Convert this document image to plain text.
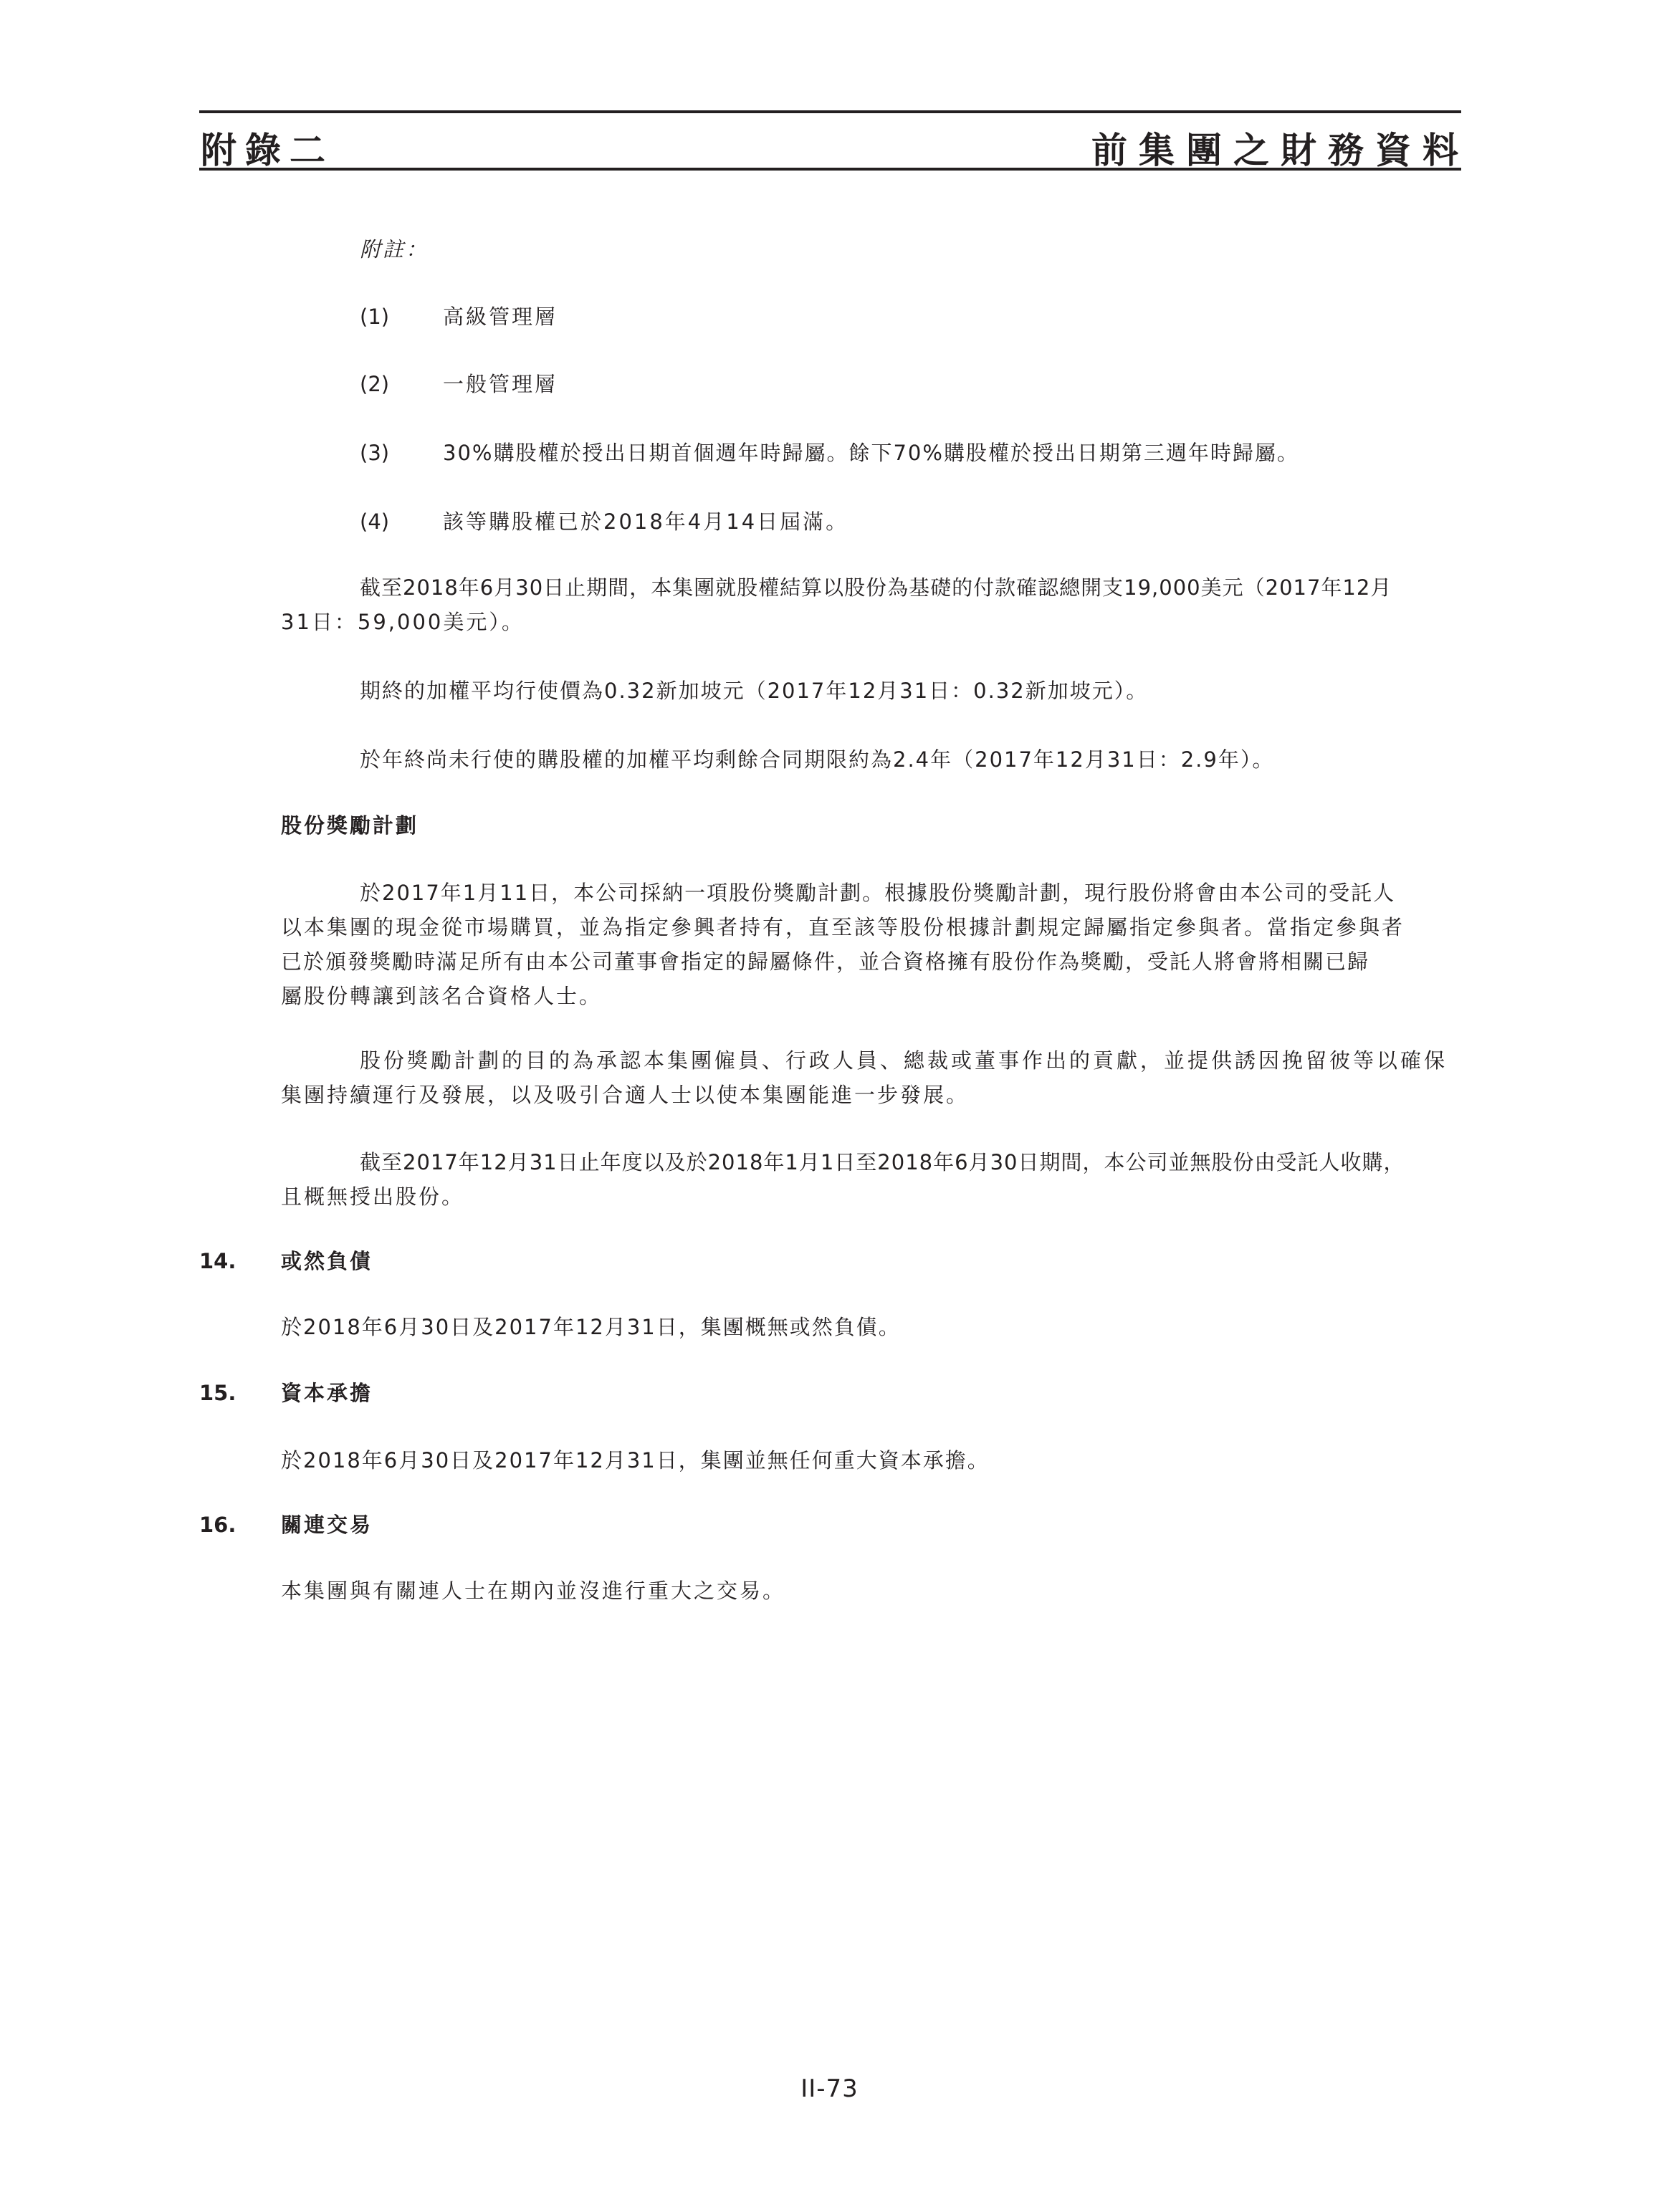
附錄二	前集團之財務資料
附註：
(1)	高級管理層
(2)	一般管理層
(3)	30%購股權於授出日期首個週年時歸屬。餘下70%購股權於授出日期第三週年時歸屬。
(4)	該等購股權已於2018年4月14日屆滿。
截至2018年6月30日止期間，本集團就股權結算以股份為基礎的付款確認總開支19,000美元（2017年12月
31日：59,000美元）。
期終的加權平均行使價為0.32新加坡元（2017年12月31日：0.32新加坡元）。
於年終尚未行使的購股權的加權平均剩餘合同期限約為2.4年（2017年12月31日：2.9年）。
股份獎勵計劃
於2017年1月11日，本公司採納一項股份獎勵計劃。根據股份獎勵計劃，現行股份將會由本公司的受託人
以本集團的現金從市場購買，並為指定參興者持有，直至該等股份根據計劃規定歸屬指定參與者。當指定參與者
已於頒發獎勵時滿足所有由本公司董事會指定的歸屬條件，並合資格擁有股份作為獎勵，受託人將會將相關已歸
屬股份轉讓到該名合資格人士。
股份獎勵計劃的目的為承認本集團僱員、行政人員、總裁或董事作出的貢獻，並提供誘因挽留彼等以確保
集團持續運行及發展，以及吸引合適人士以使本集團能進一步發展。
截至2017年12月31日止年度以及於2018年1月1日至2018年6月30日期間，本公司並無股份由受託人收購，
且概無授出股份。
14. 或然負債
於2018年6月30日及2017年12月31日，集團概無或然負債。
15. 資本承擔
於2018年6月30日及2017年12月31日，集團並無任何重大資本承擔。
16. 關連交易
本集團與有關連人士在期內並沒進行重大之交易。
II-73
